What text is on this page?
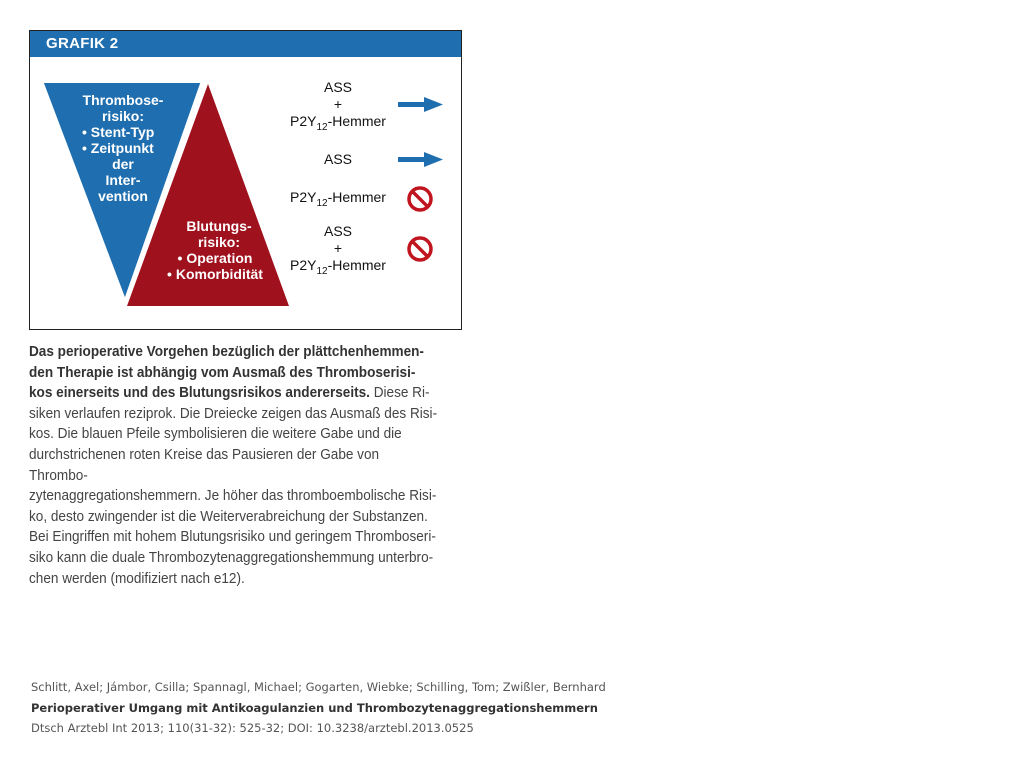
GRAFIK 2
Thrombose-
risiko:
• Stent-Typ
• Zeitpunkt
der
Inter-
vention
Blutungs-
risiko:
• Operation
• Komorbidität
ASS
+
$P2Y_{12}$-Hemmer
ASS
$P2Y_{12}$-Hemmer
ASS
+
$P2Y_{12}$-Hemmer
Das perioperative Vorgehen bezüglich der plättchenhemmen-
den Therapie ist abhängig vom Ausmaß des Thromboserisi-
kos einerseits und des Blutungsrisikos andererseits. Diese Ri-
siken verlaufen reziprok. Die Dreiecke zeigen das Ausmaß des Risi-
kos. Die blauen Pfeile symbolisieren die weitere Gabe und die
durchstrichenen roten Kreise das Pausieren der Gabe von Thrombo-
zytenaggregationshemmern. Je höher das thromboembolische Risi-
ko, desto zwingender ist die Weiterverabreichung der Substanzen.
Bei Eingriffen mit hohem Blutungsrisiko und geringem Thromboseri-
siko kann die duale Thrombozytenaggregationshemmung unterbro-
chen werden (modifiziert nach e12).
Schlitt, Axel; Jámbor, Csilla; Spannagl, Michael; Gogarten, Wiebke; Schilling, Tom; Zwißler, Bernhard
Perioperativer Umgang mit Antikoagulanzien und Thrombozytenaggregationshemmern
Dtsch Arztebl Int 2013; 110(31-32): 525-32; DOI: 10.3238/arztebl.2013.0525
